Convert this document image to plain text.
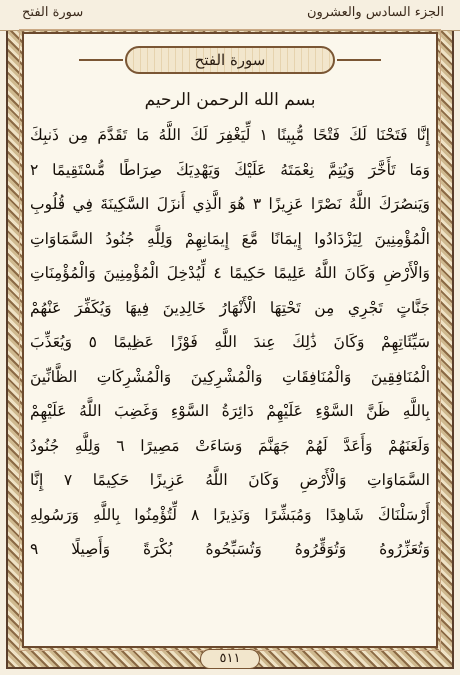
الجزء السادس والعشرون
سورة الفتح
سورة الفتح
بسم الله الرحمن الرحيم
إِنَّا فَتَحْنَا لَكَ فَتْحًا مُّبِينًا ١ لِّيَغْفِرَ لَكَ اللَّهُ مَا تَقَدَّمَ مِن ذَنبِكَ
وَمَا تَأَخَّرَ وَيُتِمَّ نِعْمَتَهُ عَلَيْكَ وَيَهْدِيَكَ صِرَاطًا مُّسْتَقِيمًا ٢
وَيَنصُرَكَ اللَّهُ نَصْرًا عَزِيزًا ٣ هُوَ الَّذِي أَنزَلَ السَّكِينَةَ فِي قُلُوبِ
الْمُؤْمِنِينَ لِيَزْدَادُوا إِيمَانًا مَّعَ إِيمَانِهِمْ وَلِلَّهِ جُنُودُ السَّمَاوَاتِ
وَالْأَرْضِ وَكَانَ اللَّهُ عَلِيمًا حَكِيمًا ٤ لِّيُدْخِلَ الْمُؤْمِنِينَ وَالْمُؤْمِنَاتِ
جَنَّاتٍ تَجْرِي مِن تَحْتِهَا الْأَنْهَارُ خَالِدِينَ فِيهَا وَيُكَفِّرَ عَنْهُمْ
سَيِّئَاتِهِمْ وَكَانَ ذَٰلِكَ عِندَ اللَّهِ فَوْزًا عَظِيمًا ٥ وَيُعَذِّبَ
الْمُنَافِقِينَ وَالْمُنَافِقَاتِ وَالْمُشْرِكِينَ وَالْمُشْرِكَاتِ الظَّانِّينَ
بِاللَّهِ ظَنَّ السَّوْءِ عَلَيْهِمْ دَائِرَةُ السَّوْءِ وَغَضِبَ اللَّهُ عَلَيْهِمْ
وَلَعَنَهُمْ وَأَعَدَّ لَهُمْ جَهَنَّمَ وَسَاءَتْ مَصِيرًا ٦ وَلِلَّهِ جُنُودُ
السَّمَاوَاتِ وَالْأَرْضِ وَكَانَ اللَّهُ عَزِيزًا حَكِيمًا ٧ إِنَّا
أَرْسَلْنَاكَ شَاهِدًا وَمُبَشِّرًا وَنَذِيرًا ٨ لِّتُؤْمِنُوا بِاللَّهِ وَرَسُولِهِ
وَتُعَزِّرُوهُ وَتُوَقِّرُوهُ وَتُسَبِّحُوهُ بُكْرَةً وَأَصِيلًا ٩
٥١١
